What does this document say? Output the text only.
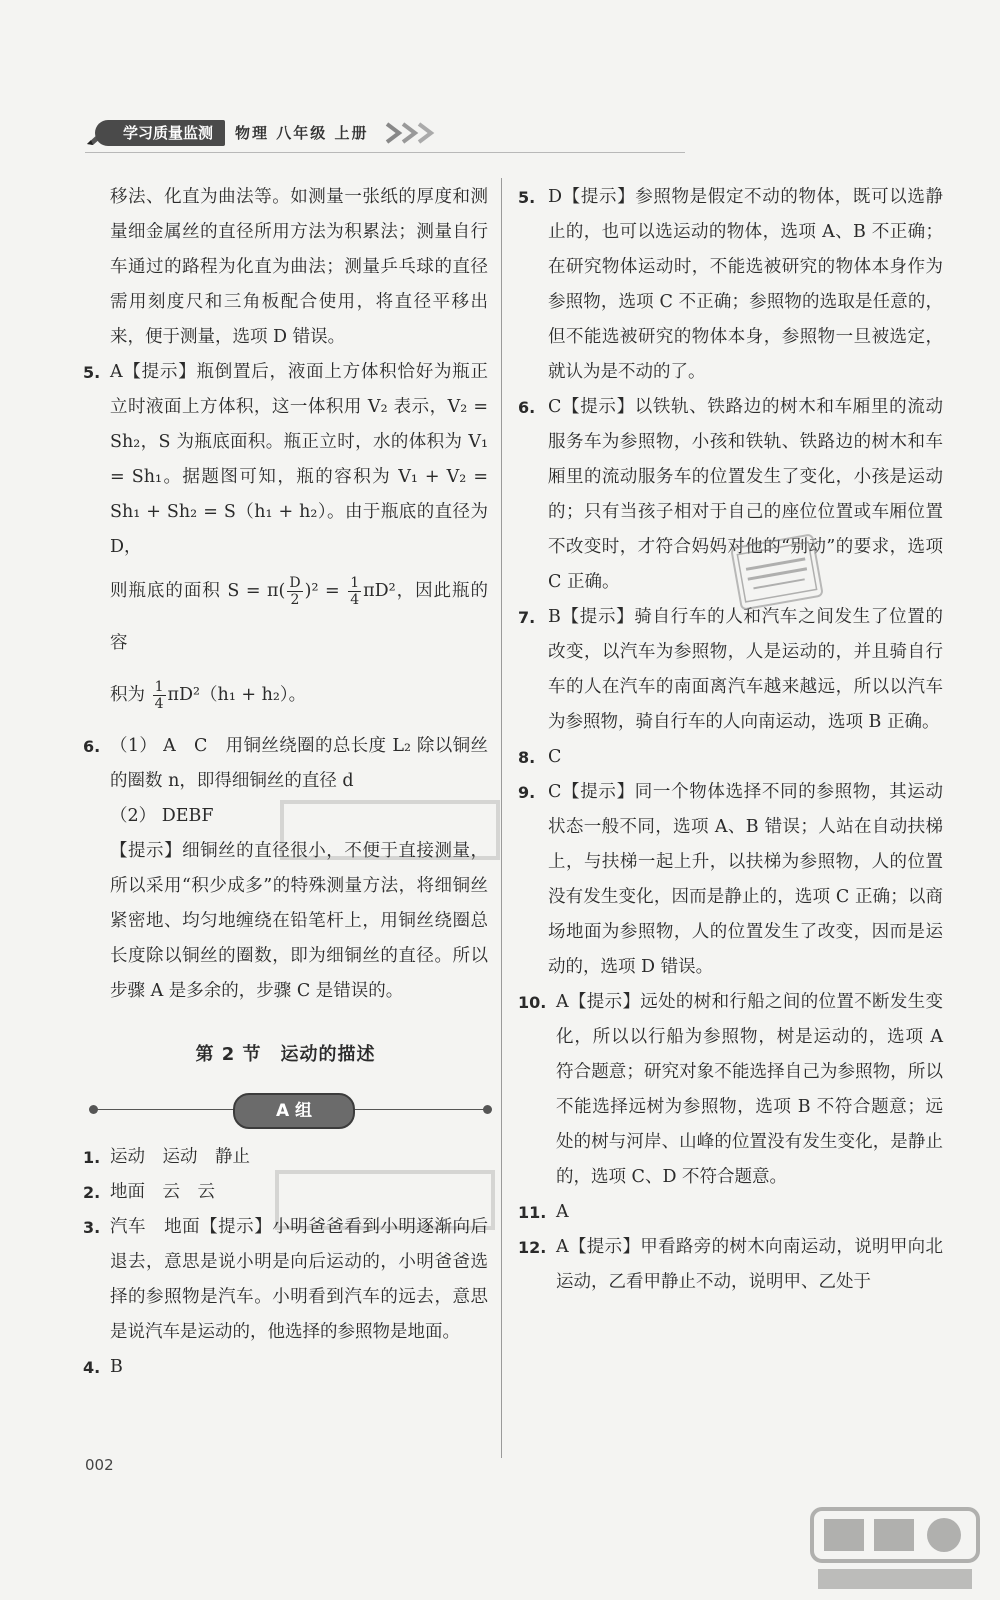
学习质量监测	物理 八年级 上册
移法、化直为曲法等。如测量一张纸的厚度和测量细金属丝的直径所用方法为积累法；测量自行车通过的路程为化直为曲法；测量乒乓球的直径需用刻度尺和三角板配合使用，将直径平移出来，便于测量，选项 D 错误。
5. A【提示】瓶倒置后，液面上方体积恰好为瓶正立时液面上方体积，这一体积用 V₂ 表示，V₂ = Sh₂，S 为瓶底面积。瓶正立时，水的体积为 V₁ = Sh₁。据题图可知，瓶的容积为 V₁ + V₂ = Sh₁ + Sh₂ = S（h₁ + h₂）。由于瓶底的直径为 D，
则瓶底的面积 $S = \pi( \frac{D}{2} )^2 = \frac{1}{4} \pi D^2$，因此瓶的容
积为 $\frac{1}{4} \pi D^2(h_1 + h_2)$。
6. （1） A　C　用铜丝绕圈的总长度 L₂ 除以铜丝的圈数 n，即得细铜丝的直径 d
（2） DEBF
【提示】细铜丝的直径很小，不便于直接测量，所以采用“积少成多”的特殊测量方法，将细铜丝紧密地、均匀地缠绕在铅笔杆上，用铜丝绕圈总长度除以铜丝的圈数，即为细铜丝的直径。所以步骤 A 是多余的，步骤 C 是错误的。
第 2 节　运动的描述
A 组
1. 运动　运动　静止
2. 地面　云　云
3. 汽车　地面【提示】小明爸爸看到小明逐渐向后退去，意思是说小明是向后运动的，小明爸爸选择的参照物是汽车。小明看到汽车的远去，意思是说汽车是运动的，他选择的参照物是地面。
4. B
5. D【提示】参照物是假定不动的物体，既可以选静止的，也可以选运动的物体，选项 A、B 不正确；在研究物体运动时，不能选被研究的物体本身作为参照物，选项 C 不正确；参照物的选取是任意的，但不能选被研究的物体本身，参照物一旦被选定，就认为是不动的了。
6. C【提示】以铁轨、铁路边的树木和车厢里的流动服务车为参照物，小孩和铁轨、铁路边的树木和车厢里的流动服务车的位置发生了变化，小孩是运动的；只有当孩子相对于自己的座位位置或车厢位置不改变时，才符合妈妈对他的“别动”的要求，选项 C 正确。
7. B【提示】骑自行车的人和汽车之间发生了位置的改变，以汽车为参照物，人是运动的，并且骑自行车的人在汽车的南面离汽车越来越远，所以以汽车为参照物，骑自行车的人向南运动，选项 B 正确。
8. C
9. C【提示】同一个物体选择不同的参照物，其运动状态一般不同，选项 A、B 错误；人站在自动扶梯上，与扶梯一起上升，以扶梯为参照物，人的位置没有发生变化，因而是静止的，选项 C 正确；以商场地面为参照物，人的位置发生了改变，因而是运动的，选项 D 错误。
10. A【提示】远处的树和行船之间的位置不断发生变化，所以以行船为参照物，树是运动的，选项 A 符合题意；研究对象不能选择自己为参照物，所以不能选择远树为参照物，选项 B 不符合题意；远处的树与河岸、山峰的位置没有发生变化，是静止的，选项 C、D 不符合题意。
11. A
12. A【提示】甲看路旁的树木向南运动，说明甲向北运动，乙看甲静止不动，说明甲、乙处于
002
